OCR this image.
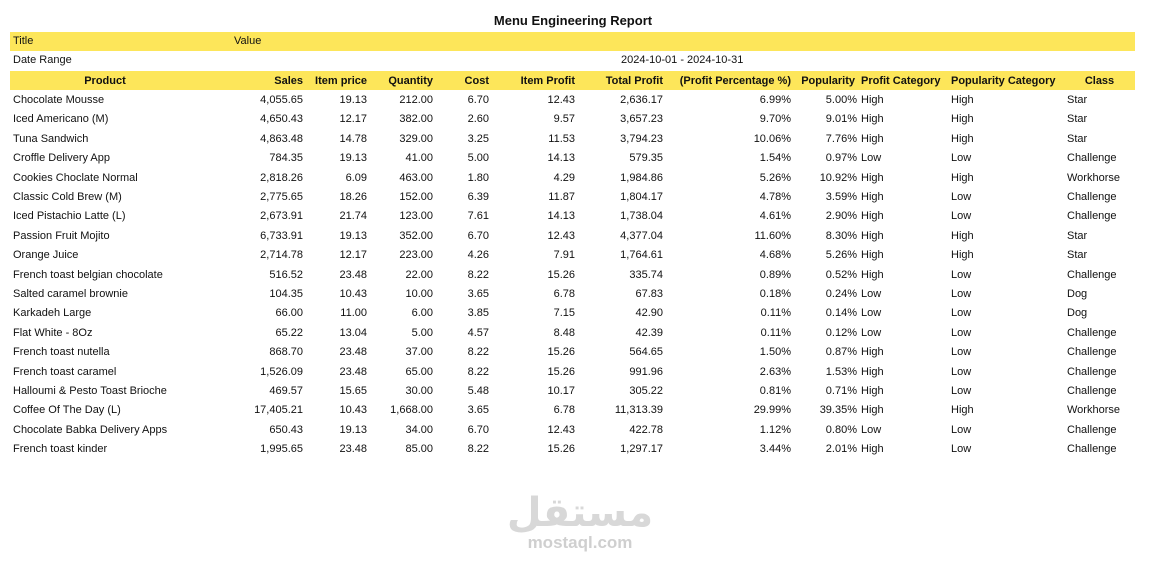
Menu Engineering Report
Title	Value
Date Range	2024-10-01 - 2024-10-31
Product	Sales	Item price	Quantity	Cost	Item Profit	Total Profit	(Profit Percentage %)	Popularity	Profit Category	Popularity Category	Class
Chocolate Mousse	4,055.65	19.13	212.00	6.70	12.43	2,636.17	6.99%	5.00%	High	High	Star
Iced Americano (M)	4,650.43	12.17	382.00	2.60	9.57	3,657.23	9.70%	9.01%	High	High	Star
Tuna Sandwich	4,863.48	14.78	329.00	3.25	11.53	3,794.23	10.06%	7.76%	High	High	Star
Croffle Delivery App	784.35	19.13	41.00	5.00	14.13	579.35	1.54%	0.97%	Low	Low	Challenge
Cookies Choclate Normal	2,818.26	6.09	463.00	1.80	4.29	1,984.86	5.26%	10.92%	High	High	Workhorse
Classic Cold Brew (M)	2,775.65	18.26	152.00	6.39	11.87	1,804.17	4.78%	3.59%	High	Low	Challenge
Iced Pistachio Latte (L)	2,673.91	21.74	123.00	7.61	14.13	1,738.04	4.61%	2.90%	High	Low	Challenge
Passion Fruit Mojito	6,733.91	19.13	352.00	6.70	12.43	4,377.04	11.60%	8.30%	High	High	Star
Orange Juice	2,714.78	12.17	223.00	4.26	7.91	1,764.61	4.68%	5.26%	High	High	Star
French toast belgian chocolate	516.52	23.48	22.00	8.22	15.26	335.74	0.89%	0.52%	High	Low	Challenge
Salted caramel brownie	104.35	10.43	10.00	3.65	6.78	67.83	0.18%	0.24%	Low	Low	Dog
Karkadeh Large	66.00	11.00	6.00	3.85	7.15	42.90	0.11%	0.14%	Low	Low	Dog
Flat White - 8Oz	65.22	13.04	5.00	4.57	8.48	42.39	0.11%	0.12%	Low	Low	Challenge
French toast nutella	868.70	23.48	37.00	8.22	15.26	564.65	1.50%	0.87%	High	Low	Challenge
French toast caramel	1,526.09	23.48	65.00	8.22	15.26	991.96	2.63%	1.53%	High	Low	Challenge
Halloumi & Pesto Toast Brioche	469.57	15.65	30.00	5.48	10.17	305.22	0.81%	0.71%	High	Low	Challenge
Coffee Of The Day (L)	17,405.21	10.43	1,668.00	3.65	6.78	11,313.39	29.99%	39.35%	High	High	Workhorse
Chocolate Babka Delivery Apps	650.43	19.13	34.00	6.70	12.43	422.78	1.12%	0.80%	Low	Low	Challenge
French toast kinder	1,995.65	23.48	85.00	8.22	15.26	1,297.17	3.44%	2.01%	High	Low	Challenge
مستقل
mostaql.com
